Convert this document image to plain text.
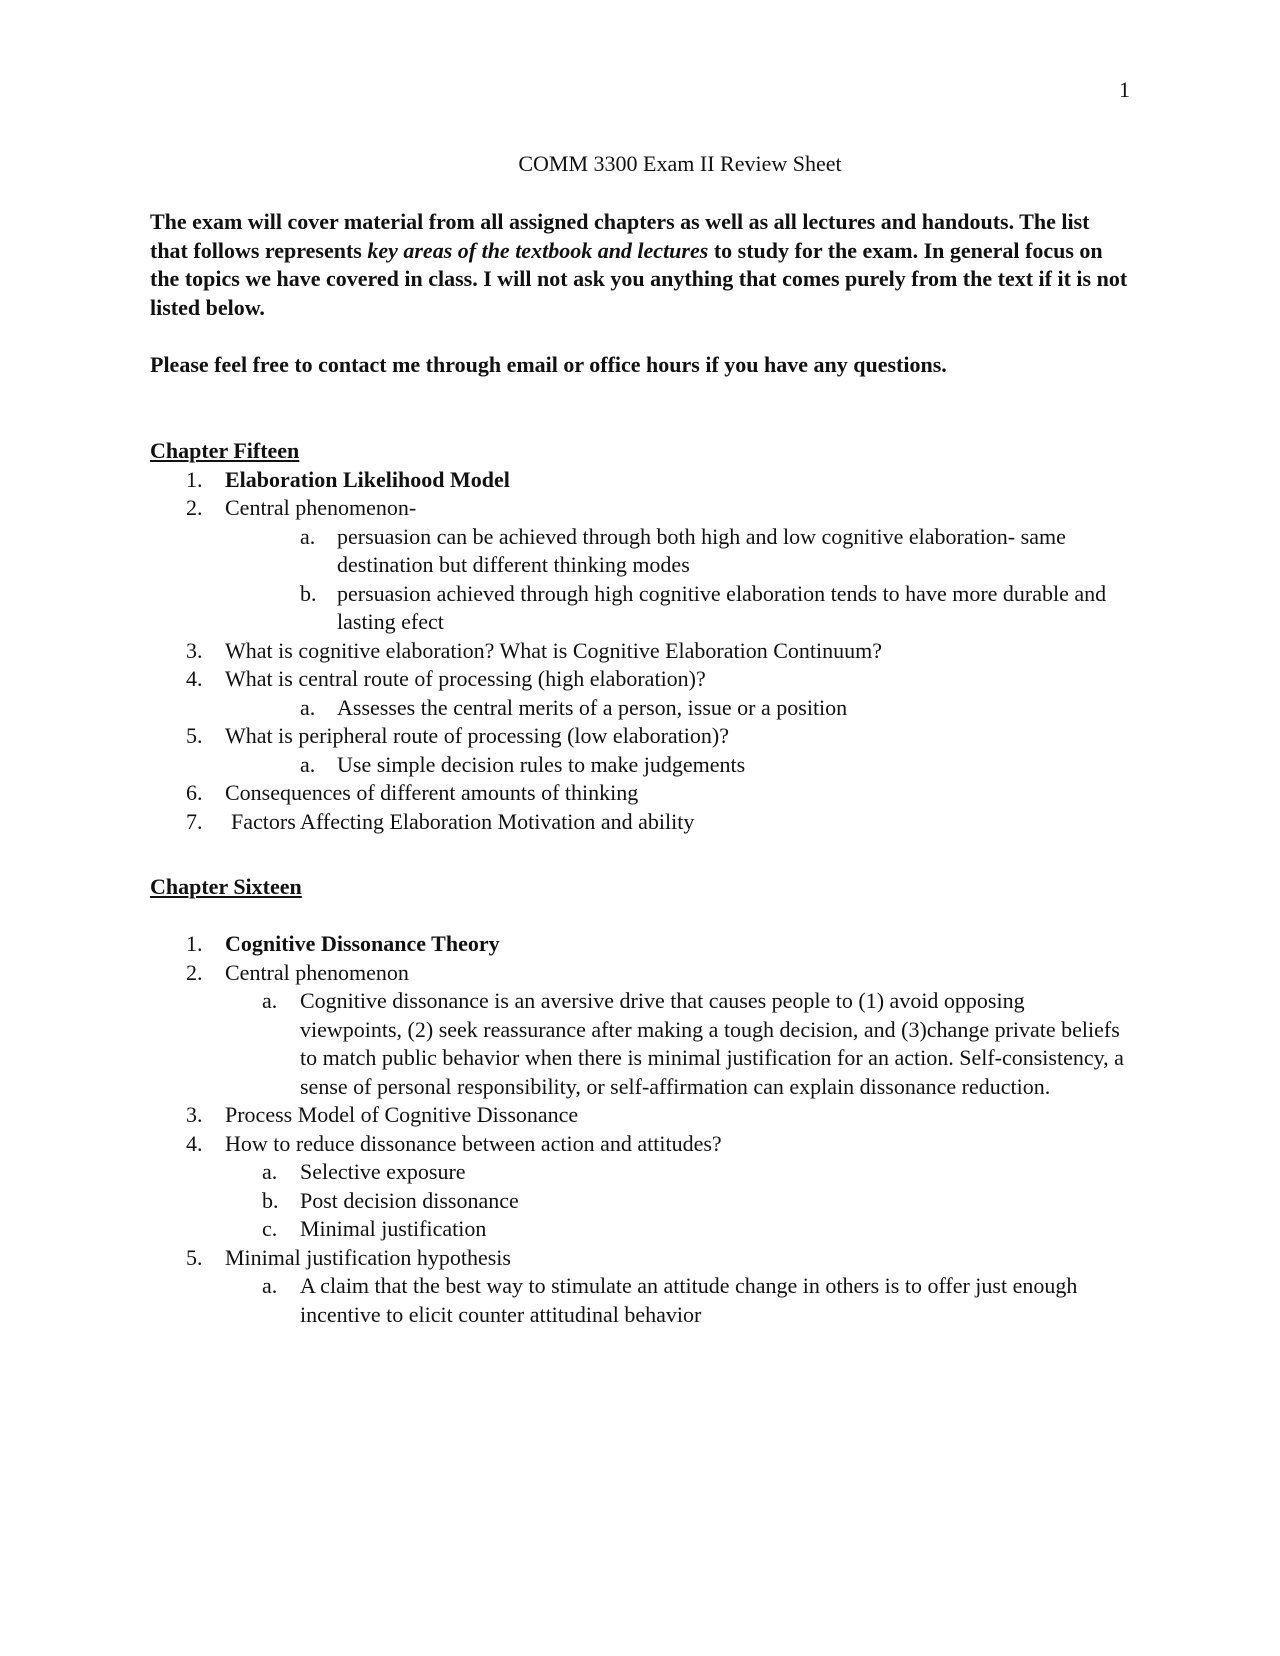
1
COMM 3300 Exam II Review Sheet

The exam will cover material from all assigned chapters as well as all lectures and handouts. The list that follows represents key areas of the textbook and lectures to study for the exam. In general focus on the topics we have covered in class. I will not ask you anything that comes purely from the text if it is not listed below.

Please feel free to contact me through email or office hours if you have any questions.

Chapter Fifteen

1.	Elaboration Likelihood Model
2.	Central phenomenon-
a. persuasion can be achieved through both high and low cognitive elaboration- same destination but different thinking modes
b. persuasion achieved through high cognitive elaboration tends to have more durable and lasting efect
3.	What is cognitive elaboration? What is Cognitive Elaboration Continuum?
4.	What is central route of processing (high elaboration)?
a. Assesses the central merits of a person, issue or a position
5.	What is peripheral route of processing (low elaboration)?
a. Use simple decision rules to make judgements
6.	Consequences of different amounts of thinking
7.	Factors Affecting Elaboration Motivation and ability

Chapter Sixteen

1.	Cognitive Dissonance Theory
2.	Central phenomenon
a.	Cognitive dissonance is an aversive drive that causes people to (1) avoid opposing viewpoints, (2) seek reassurance after making a tough decision, and (3)change private beliefs to match public behavior when there is minimal justification for an action. Self-consistency, a sense of personal responsibility, or self-affirmation can explain dissonance reduction.
3.	Process Model of Cognitive Dissonance
4.	How to reduce dissonance between action and attitudes?
a.	Selective exposure
b. Post decision dissonance
c.	Minimal justification
5.	Minimal justification hypothesis
a.	A claim that the best way to stimulate an attitude change in others is to offer just enough incentive to elicit counter attitudinal behavior
